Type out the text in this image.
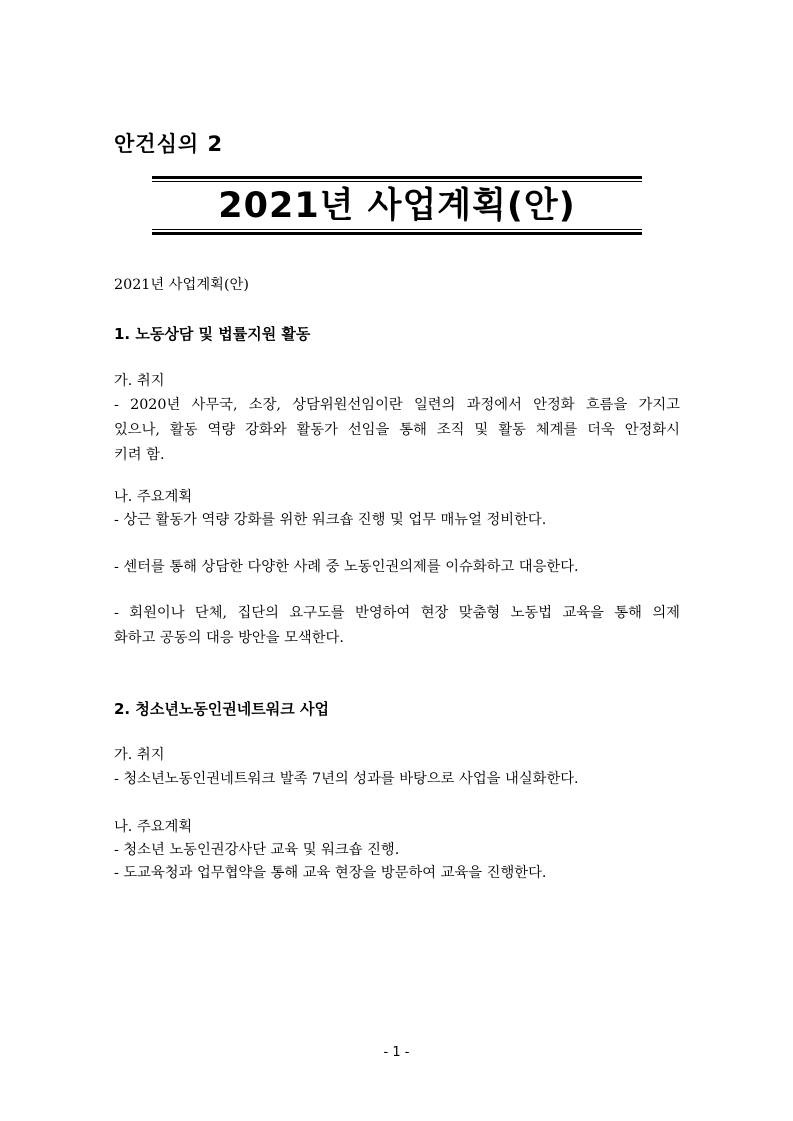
안건심의 2
2021년 사업계획(안)
2021년 사업계획(안)
1. 노동상담 및 법률지원 활동
가. 취지
- 2020년 사무국, 소장, 상담위원선임이란 일련의 과정에서 안정화 흐름을 가지고
있으나, 활동 역량 강화와 활동가 선임을 통해 조직 및 활동 체계를 더욱 안정화시
키려 함.
나. 주요계획
- 상근 활동가 역량 강화를 위한 워크숍 진행 및 업무 매뉴얼 정비한다.
- 센터를 통해 상담한 다양한 사례 중 노동인권의제를 이슈화하고 대응한다.
- 회원이나 단체, 집단의 요구도를 반영하여 현장 맞춤형 노동법 교육을 통해 의제
화하고 공동의 대응 방안을 모색한다.
2. 청소년노동인권네트워크 사업
가. 취지
- 청소년노동인권네트워크 발족 7년의 성과를 바탕으로 사업을 내실화한다.
나. 주요계획
- 청소년 노동인권강사단 교육 및 워크숍 진행.
- 도교육청과 업무협약을 통해 교육 현장을 방문하여 교육을 진행한다.
- 1 -
